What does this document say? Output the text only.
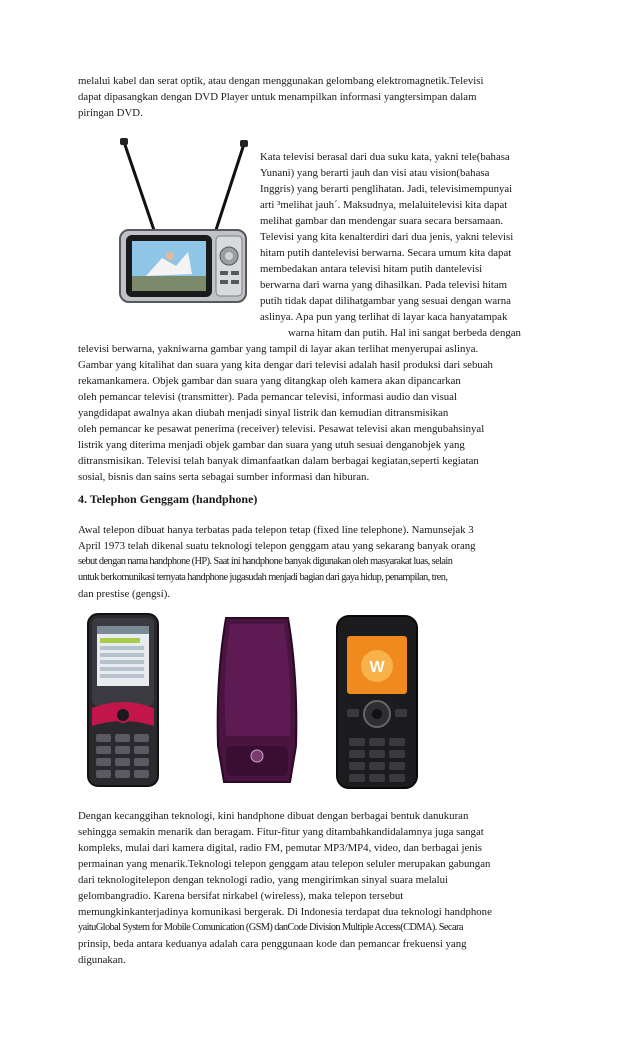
melalui kabel dan serat optik, atau dengan menggunakan gelombang elektromagnetik.Televisi
dapat dipasangkan dengan DVD Player untuk menampilkan informasi yangtersimpan dalam
piringan DVD.
Kata televisi berasal dari dua suku kata, yakni tele(bahasa
Yunani) yang berarti jauh dan visi atau vision(bahasa
Inggris) yang berarti penglihatan. Jadi, televisimempunyai
arti ³melihat jauh´. Maksudnya, melaluitelevisi kita dapat
melihat gambar dan mendengar suara secara bersamaan.
Televisi yang kita kenalterdiri dari dua jenis, yakni televisi
hitam putih dantelevisi berwarna. Secara umum kita dapat
membedakan antara televisi hitam putih dantelevisi
berwarna dari warna yang dihasilkan. Pada televisi hitam
putih tidak dapat dilihatgambar yang sesuai dengan warna
aslinya. Apa pun yang terlihat di layar kaca hanyatampak
warna hitam dan putih. Hal ini sangat berbeda dengan
televisi berwarna, yakniwarna gambar yang tampil di layar akan terlihat menyerupai aslinya.
Gambar yang kitalihat dan suara yang kita dengar dari televisi adalah hasil produksi dari sebuah
rekamankamera. Objek gambar dan suara yang ditangkap oleh kamera akan dipancarkan
oleh pemancar televisi (transmitter). Pada pemancar televisi, informasi audio dan visual
yangdidapat awalnya akan diubah menjadi sinyal listrik dan kemudian ditransmisikan
oleh pemancar ke pesawat penerima (receiver) televisi. Pesawat televisi akan mengubahsinyal
listrik yang diterima menjadi objek gambar dan suara yang utuh sesuai denganobjek yang
ditransmisikan. Televisi telah banyak dimanfaatkan dalam berbagai kegiatan,seperti kegiatan
sosial, bisnis dan sains serta sebagai sumber informasi dan hiburan.
4. Telephon Genggam (handphone)
Awal telepon dibuat hanya terbatas pada telepon tetap (fixed line telephone). Namunsejak 3
April 1973 telah dikenal suatu teknologi telepon genggam atau yang sekarang banyak orang
sebut dengan nama handphone (HP). Saat ini handphone banyak digunakan oleh masyarakat luas, selain
untuk berkomunikasi ternyata handphone jugasudah menjadi bagian dari gaya hidup, penampilan, tren,
dan prestise (gengsi).
W
Dengan kecanggihan teknologi, kini handphone dibuat dengan berbagai bentuk danukuran
sehingga semakin menarik dan beragam. Fitur-fitur yang ditambahkandidalamnya juga sangat
kompleks, mulai dari kamera digital, radio FM, pemutar MP3/MP4, video, dan berbagai jenis
permainan yang menarik.Teknologi telepon genggam atau telepon seluler merupakan gabungan
dari teknologitelepon dengan teknologi radio, yang mengirimkan sinyal suara melalui
gelombangradio. Karena bersifat nirkabel (wireless), maka telepon tersebut
memungkinkanterjadinya komunikasi bergerak. Di Indonesia terdapat dua teknologi handphone
yaituGlobal System for Mobile Comunication (GSM) danCode Division Multiple Access(CDMA). Secara
prinsip, beda antara keduanya adalah cara penggunaan kode dan pemancar frekuensi yang
digunakan.
